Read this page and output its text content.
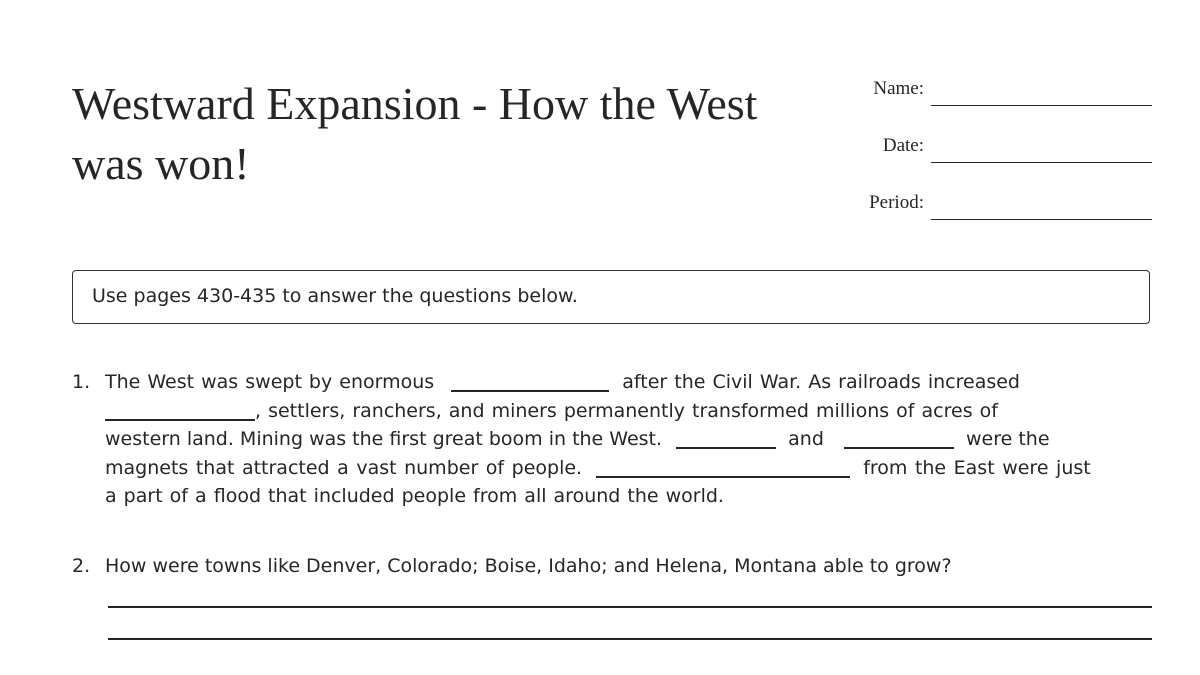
Westward Expansion - How the West
was won!
Name:
Date:
Period:
Use pages 430-435 to answer the questions below.
1. The West was swept by enormous	after the Civil War. As railroads increased
, settlers, ranchers, and miners permanently transformed millions of acres of
western land. Mining was the first great boom in the West.	and	were the
magnets that attracted a vast number of people.	from the East were just
a part of a flood that included people from all around the world.
2. How were towns like Denver, Colorado; Boise, Idaho; and Helena, Montana able to grow?
